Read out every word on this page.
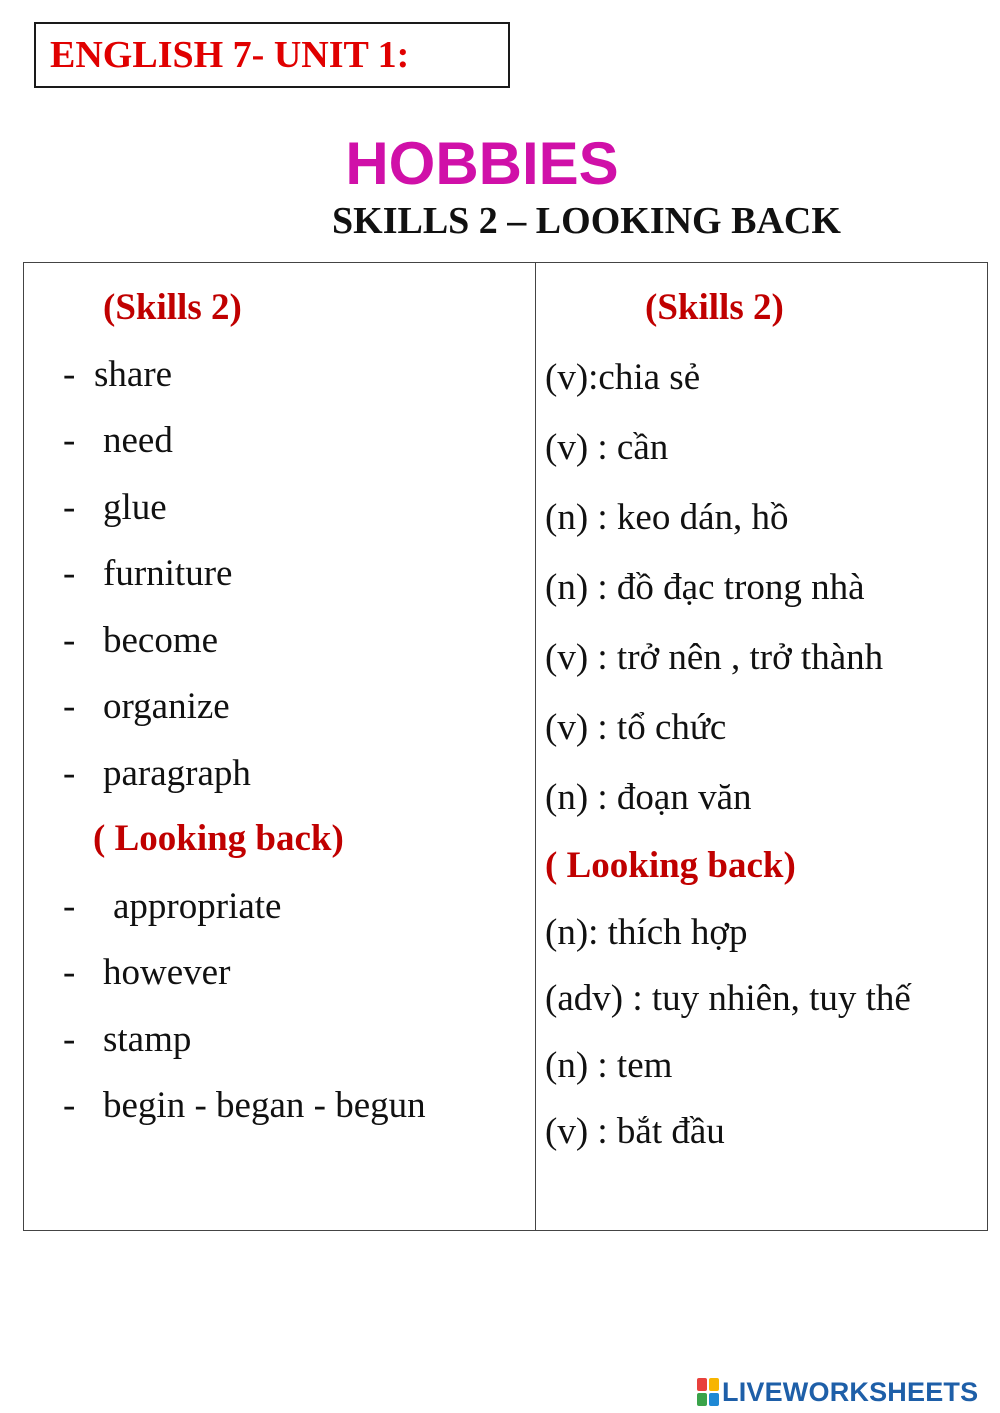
ENGLISH 7- UNIT 1:
HOBBIES
SKILLS 2 – LOOKING BACK
(Skills 2)
- share
- need
- glue
- furniture
- become
- organize
- paragraph
( Looking back)
- appropriate
- however
- stamp
- begin - began - begun
(Skills 2)
(v):chia sẻ
(v) : cần
(n) : keo dán, hồ
(n) : đồ đạc trong nhà
(v) : trở nên , trở thành
(v) : tổ chức
(n) : đoạn văn
( Looking back)
(n): thích hợp
(adv) : tuy nhiên, tuy thế
(n) : tem
(v) : bắt đầu
LIVEWORKSHEETS
